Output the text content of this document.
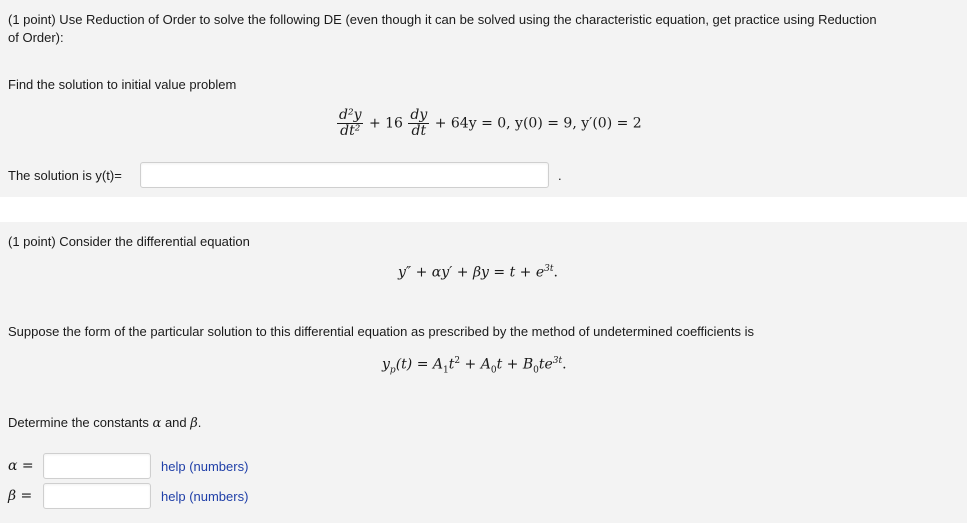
(1 point) Use Reduction of Order to solve the following DE (even though it can be solved using the characteristic equation, get practice using Reduction
of Order):
Find the solution to initial value problem
$\frac{\text{d²y}}{\text{dt²}} + 16 \frac{dy}{dt} + 64y = 0$, y(0) = 9, y′(0) = 2
The solution is y(t)=	.
(1 point) Consider the differential equation
$y'' + \alpha y' + \beta y = t + e^{3t}$.
Suppose the form of the particular solution to this differential equation as prescribed by the method of undetermined coefficients is
$y_p(t) = A_1t^2 + A_0t + B_0te^{3t}$.
Determine the constants α and β.
α =	help (numbers)
β =	help (numbers)
